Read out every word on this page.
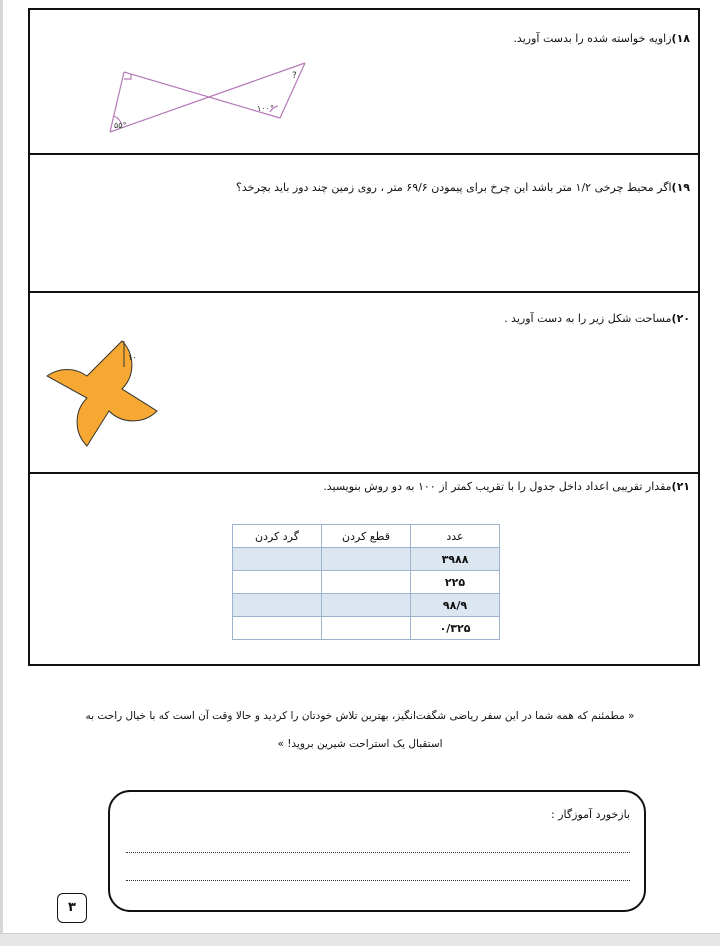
۱۸)زاویه خواسته شده را بدست آورید.
۵۵°
۱۰۰°
?
۱۹)اگر محیط چرخی ۱/۲ متر باشد این چرخ برای پیمودن ۶۹/۶ متر ، روی زمین چند دور باید بچرخد؟
۲۰)مساحت شکل زیر را به دست آورید .
۱۰
۲۱)مقدار تقریبی اعداد داخل جدول را با تقریب کمتر از ۱۰۰ به دو روش بنویسید.
عدد	قطع کردن	گرد کردن
۳۹۸۸		
۲۲۵		
۹۸/۹		
۰/۳۲۵		
« مطمئنم که همه شما در این سفر ریاضی شگفت‌انگیز، بهترین تلاش خودتان را کردید و حالا وقت آن است که با خیال راحت به
استقبال یک استراحت شیرین بروید! »
بازخورد آموزگار :
۳
